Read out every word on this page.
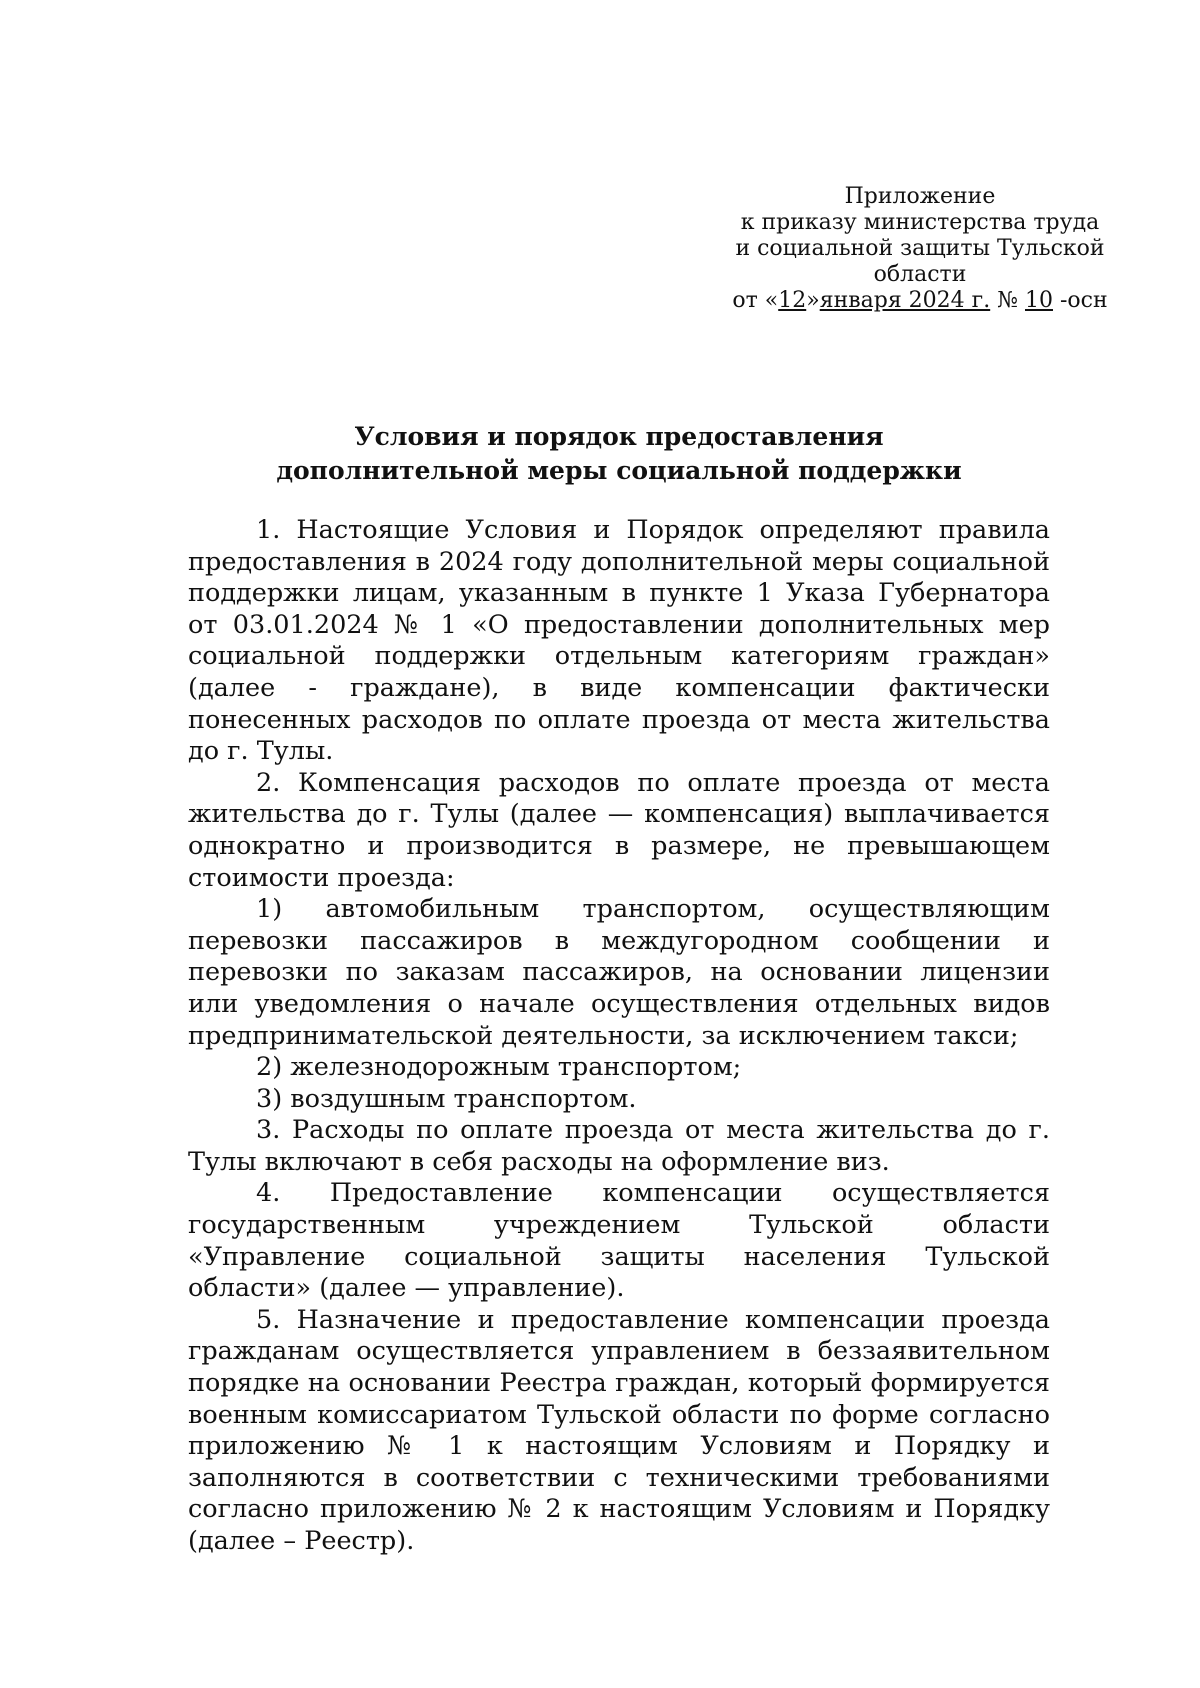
Приложение
к приказу министерства труда
и социальной защиты Тульской области
от «12»января 2024 г. № 10 -осн
Условия и порядок предоставления
дополнительной меры социальной поддержки

1. Настоящие Условия и Порядок определяют правила предоставления в 2024 году дополнительной меры социальной поддержки лицам, указанным в пункте 1 Указа Губернатора от 03.01.2024 № 1 «О предоставлении дополнительных мер социальной поддержки отдельным категориям граждан» (далее - граждане), в виде компенсации фактически понесенных расходов по оплате проезда от места жительства до г. Тулы.

2. Компенсация расходов по оплате проезда от места жительства до г. Тулы (далее — компенсация) выплачивается однократно и производится в размере, не превышающем стоимости проезда:

1) автомобильным транспортом, осуществляющим перевозки пассажиров в междугородном сообщении и перевозки по заказам пассажиров, на основании лицензии или уведомления о начале осуществления отдельных видов предпринимательской деятельности, за исключением такси;

2) железнодорожным транспортом;

3) воздушным транспортом.

3. Расходы по оплате проезда от места жительства до г. Тулы включают в себя расходы на оформление виз.

4. Предоставление компенсации осуществляется государственным учреждением Тульской области «Управление социальной защиты населения Тульской области» (далее — управление).

5. Назначение и предоставление компенсации проезда гражданам осуществляется управлением в беззаявительном порядке на основании Реестра граждан, который формируется военным комиссариатом Тульской области по форме согласно приложению № 1 к настоящим Условиям и Порядку и заполняются в соответствии с техническими требованиями согласно приложению № 2 к настоящим Условиям и Порядку (далее – Реестр).
